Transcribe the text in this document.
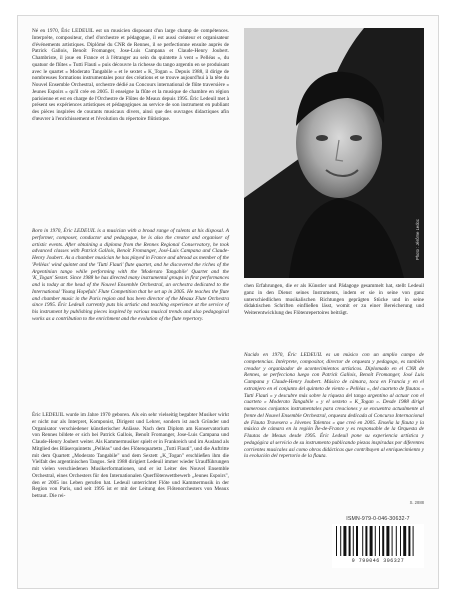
Né en 1970, Éric LEDEUIL est un musicien disposant d'un large champ de compétences. Interprète, compositeur, chef d'orchestre et pédagogue, il est aussi créateur et organisateur d'événements artistiques. Diplômé du CNR de Rennes, il se perfectionne ensuite auprès de Patrick Gallois, Benoît Fromanger, Jose-Luis Campana et Claude-Henry Joubert. Chambriste, il joue en France et à l'étranger au sein du quintette à vent « Pelléas », du quatuor de flûtes « Tutti Flauti » puis découvre la richesse du tango argentin en se produisant avec le quartet « Moderato Tangabile » et le sextet « K_Togan ». Depuis 1988, il dirige de nombreuses formations instrumentales pour des créations et se trouve aujourd'hui à la tête du Nouvel Ensemble Orchestral, orchestre dédié au Concours international de flûte traversière « Jeunes Espoirs » qu'il crée en 2005. Il enseigne la flûte et la musique de chambre en région parisienne et est en charge de l'Orchestre de Flûtes de Meaux depuis 1995. Éric Ledeuil met à présent ses expériences artistiques et pédagogiques au service de son instrument en publiant des pièces inspirées de courants musicaux divers, ainsi que des ouvrages didactiques afin d'œuvrer à l'enrichissement et l'évolution du répertoire flûtistique.

Born in 1970, Éric LEDEUIL is a musician with a broad range of talents at his disposal. A performer, composer, conductor and pedagogue, he is also the creator and organiser of artistic events. After obtaining a diploma from the Rennes Regional Conservatory, he took advanced classes with Patrick Gallois, Benoît Fromanger, José-Luis Campana and Claude-Henry Joubert. As a chamber musician he has played in France and abroad as member of the 'Pelléas' wind quintet and the 'Tutti Flauti' flute quartet, and he discovered the riches of the Argentinian tango while performing with the 'Moderato Tangabile' Quartet and the 'K_Togan' Sextet. Since 1988 he has directed many instrumental groups in first performances and is today at the head of the Nouvel Ensemble Orchestral, an orchestra dedicated to the International 'Young Hopefuls' Flute Competition that he set up in 2005. He teaches the flute and chamber music in the Paris region and has been director of the Meaux Flute Orchestra since 1995. Éric Ledeuil currently puts his artistic and teaching experience at the service of his instrument by publishing pieces inspired by various musical trends and also pedagogical works as a contribution to the enrichment and the evolution of the flute repertory.

Éric LEDEUIL wurde im Jahre 1970 geboren. Als ein sehr vielseitig begabter Musiker wirkt er nicht nur als Interpret, Komponist, Dirigent und Lehrer, sondern ist auch Gründer und Organisator verschiedener künstlerischer Anlässe. Nach dem Diplom am Konservatorium von Rennes bildete er sich bei Patrick Gallois, Benoît Fromanger, Jose-Luis Campana und Claude-Henry Joubert weiter. Als Kammermusiker spielt er in Frankreich und im Ausland als Mitglied des Bläserquintetts „Pelléas" und des Flötenquartetts „Tutti Flauti", und die Auftritte mit dem Quartett „Moderato Tangabile" und dem Sextett „K_Togan" erschließen ihm die Vielfalt des argentinischen Tangos. Seit 1988 dirigiert Ledeuil immer wieder Uraufführungen mit vielen verschiedenen Musikerformationen, und er ist Leiter des Nouvel Ensemble Orchestral, eines Orchesters für den Internationalen Querflötenwettbewerb „Jeunes Espoirs", den er 2005 ins Leben gerufen hat. Ledeuil unterrichtet Flöte und Kammermusik in der Region von Paris, und seit 1995 ist er mit der Leitung des Flötenorchesters von Meaux betraut. Die rei-

Photo : Jérôme Ledoc

chen Erfahrungen, die er als Künstler und Pädagoge gesammelt hat, stellt Ledeuil ganz in den Dienst seines Instruments, indem er sie in seine von ganz unterschiedlichen musikalischen Richtungen geprägten Stücke und in seine didaktischen Schriften einfließen lässt, womit er zu einer Bereicherung und Weiterentwicklung des Flötenrepertoires beiträgt.

Nacido en 1970, Éric LEDEUIL es un músico con un amplio campo de competencias. Intérprete, compositor, director de orquesta y pedagogo, es también creador y organizador de acontecimientos artísticos. Diplomado en el CNR de Rennes, se perfecciona luego con Patrick Gallois, Benoît Fromanger, José Luis Campana y Claude-Henry Joubert. Músico de cámara, toca en Francia y en el extranjero en el conjunto del quinteto de viento « Pelléas », del cuarteto de flautas « Tutti Flauti » y descubre más sobre la riqueza del tango argentino al actuar con el cuarteto « Moderato Tangabile » y el sexteto « K_Togan ». Desde 1988 dirige numerosos conjuntos instrumentales para creaciones y se encuentra actualmente al frente del Nouvel Ensemble Orchestral, orquesta dedicada al Concurso Internacional de Flauta Travesera « Jóvenes Talentos » que creó en 2005. Enseña la flauta y la música de cámara en la región Île-de-France y es responsable de la Orquesta de Flautas de Meaux desde 1995. Éric Ledeuil pone su experiencia artística y pedagógica al servicio de su instrumento publicando piezas inspiradas por diferentes corrientes musicales así como obras didácticas que contribuyen al enriquecimiento y la evolución del repertorio de la flauta.

S. 2888
ISMN-979-0-046-30632-7
9 790046 306327
